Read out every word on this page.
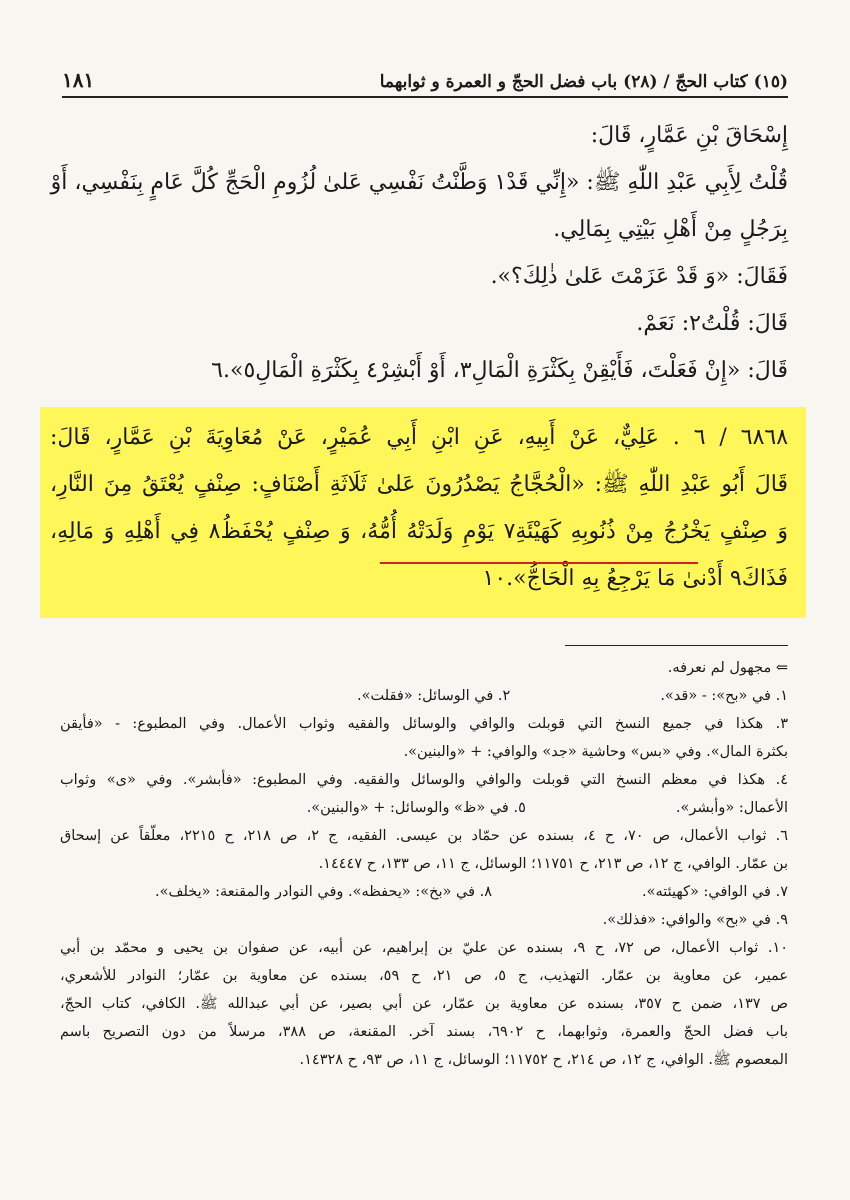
(١٥) كتاب الحجّ / (٢٨) باب فضل الحجّ و العمرة و ثوابهما
١٨١
إِسْحَاقَ بْنِ عَمَّارٍ، قَالَ:
قُلْتُ لِأَبِي عَبْدِ اللّٰهِ ﷺ: «إِنِّي قَدْ١ وَطَّنْتُ نَفْسِي عَلىٰ لُزُومِ الْحَجِّ كُلَّ عَامٍ بِنَفْسِي، أَوْ
بِرَجُلٍ مِنْ أَهْلِ بَيْتِي بِمَالِي.
فَقَالَ: «وَ قَدْ عَزَمْتَ عَلىٰ ذٰلِكَ؟».
قَالَ: قُلْتُ٢: نَعَمْ.
قَالَ: «إِنْ فَعَلْتَ، فَأَيْقِنْ بِكَثْرَةِ الْمَالِ٣، أَوْ أَبْشِرْ٤ بِكَثْرَةِ الْمَالِ٥».٦
٦٨٦٨ / ٦ . عَلِيٌّ، عَنْ أَبِيهِ، عَنِ ابْنِ أَبِي عُمَيْرٍ، عَنْ مُعَاوِيَةَ بْنِ عَمَّارٍ، قَالَ:
قَالَ أَبُو عَبْدِ اللّٰهِ ﷺ: «الْحُجَّاجُ يَصْدُرُونَ عَلىٰ ثَلَاثَةِ أَصْنَافٍ: صِنْفٍ يُعْتَقُ مِنَ النَّارِ،
وَ صِنْفٍ يَخْرُجُ مِنْ ذُنُوبِهِ كَهَيْئَةِ٧ يَوْمِ وَلَدَتْهُ أُمُّهُ، وَ صِنْفٍ يُحْفَظُ٨ فِي أَهْلِهِ وَ مَالِهِ،
فَذَاكَ٩ أَدْنىٰ مَا يَرْجِعُ بِهِ الْحَاجُّ».١٠
⇐ مجهول لم نعرفه.
١. في «بح»: - «قد».
٢. في الوسائل: «فقلت».
٣. هكذا في جميع النسخ التي قوبلت والوافي والوسائل والفقيه وثواب الأعمال. وفي المطبوع: - «فأيقن
بكثرة المال». وفي «بس» وحاشية «جد» والوافي: + «والبنين».
٤. هكذا في معظم النسخ التي قوبلت والوافي والوسائل والفقيه. وفي المطبوع: «فأبشر». وفي «ى» وثواب
الأعمال: «وأبشر».
٥. في «ظ» والوسائل: + «والبنين».
٦. ثواب الأعمال، ص ٧٠، ح ٤، بسنده عن حمّاد بن عيسى. الفقيه، ج ٢، ص ٢١٨، ح ٢٢١٥، معلّقاً عن إسحاق
بن عمّار. الوافي، ج ١٢، ص ٢١٣، ح ١١٧٥١؛ الوسائل، ج ١١، ص ١٣٣، ح ١٤٤٤٧.
٧. في الوافي: «كهيئته».
٨. في «بخ»: «يحفظه». وفي النوادر والمقنعة: «يخلف».
٩. في «بح» والوافي: «فذلك».
١٠. ثواب الأعمال، ص ٧٢، ح ٩، بسنده عن عليّ بن إبراهيم، عن أبيه، عن صفوان بن يحيى و محمّد بن أبي
عمير، عن معاوية بن عمّار. التهذيب، ج ٥، ص ٢١، ح ٥٩، بسنده عن معاوية بن عمّار؛ النوادر للأشعري،
ص ١٣٧، ضمن ح ٣٥٧، بسنده عن معاوية بن عمّار، عن أبي بصير، عن أبي عبدالله ﷺ. الكافي، كتاب الحجّ،
باب فضل الحجّ والعمرة، وثوابهما، ح ٦٩٠٢، بسند آخر. المقنعة، ص ٣٨٨، مرسلاً من دون التصريح باسم
المعصوم ﷺ. الوافي، ج ١٢، ص ٢١٤، ح ١١٧٥٢؛ الوسائل، ج ١١، ص ٩٣، ح ١٤٣٢٨.
